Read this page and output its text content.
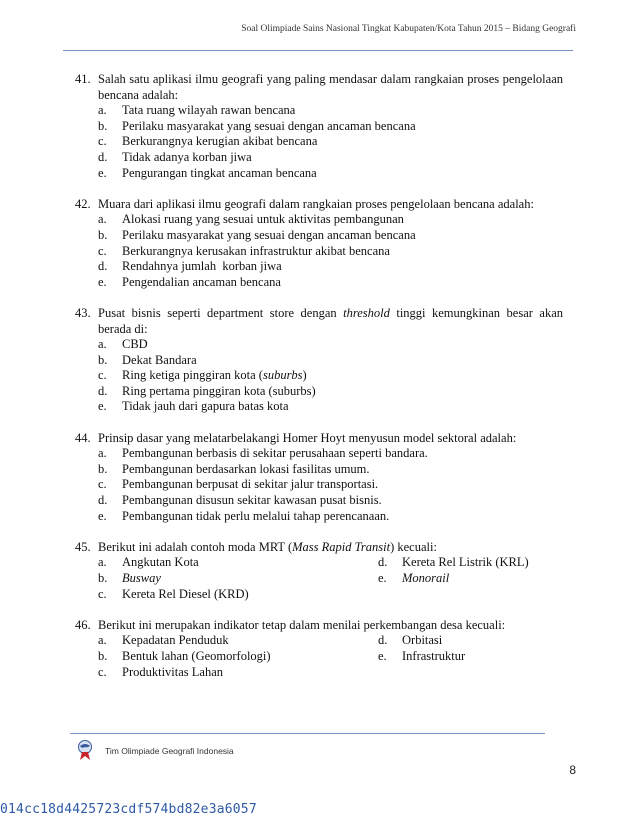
Soal Olimpiade Sains Nasional Tingkat Kabupaten/Kota Tahun 2015 – Bidang Geografi
41. Salah satu aplikasi ilmu geografi yang paling mendasar dalam rangkaian proses pengelolaan bencana adalah:
a.	Tata ruang wilayah rawan bencana
b.	Perilaku masyarakat yang sesuai dengan ancaman bencana
c.	Berkurangnya kerugian akibat bencana
d.	Tidak adanya korban jiwa
e.	Pengurangan tingkat ancaman bencana
42. Muara dari aplikasi ilmu geografi dalam rangkaian proses pengelolaan bencana adalah:
a.	Alokasi ruang yang sesuai untuk aktivitas pembangunan
b.	Perilaku masyarakat yang sesuai dengan ancaman bencana
c.	Berkurangnya kerusakan infrastruktur akibat bencana
d.	Rendahnya jumlah  korban jiwa
e.	Pengendalian ancaman bencana
43. Pusat bisnis seperti department store dengan threshold tinggi kemungkinan besar akan berada di:
a.	CBD
b.	Dekat Bandara
c.	Ring ketiga pinggiran kota (suburbs)
d.	Ring pertama pinggiran kota (suburbs)
e.	Tidak jauh dari gapura batas kota
44. Prinsip dasar yang melatarbelakangi Homer Hoyt menyusun model sektoral adalah:
a.	Pembangunan berbasis di sekitar perusahaan seperti bandara.
b.	Pembangunan berdasarkan lokasi fasilitas umum.
c.	Pembangunan berpusat di sekitar jalur transportasi.
d.	Pembangunan disusun sekitar kawasan pusat bisnis.
e.	Pembangunan tidak perlu melalui tahap perencanaan.
45. Berikut ini adalah contoh moda MRT (Mass Rapid Transit) kecuali:
a.	Angkutan Kota	d.	Kereta Rel Listrik (KRL)
b.	Busway	e.	Monorail
c.	Kereta Rel Diesel (KRD)
46. Berikut ini merupakan indikator tetap dalam menilai perkembangan desa kecuali:
a.	Kepadatan Penduduk	d.	Orbitasi
b.	Bentuk lahan (Geomorfologi)	e.	Infrastruktur
c.	Produktivitas Lahan
Tim Olimpiade Geografi Indonesia
8
014cc18d4425723cdf574bd82e3a6057
